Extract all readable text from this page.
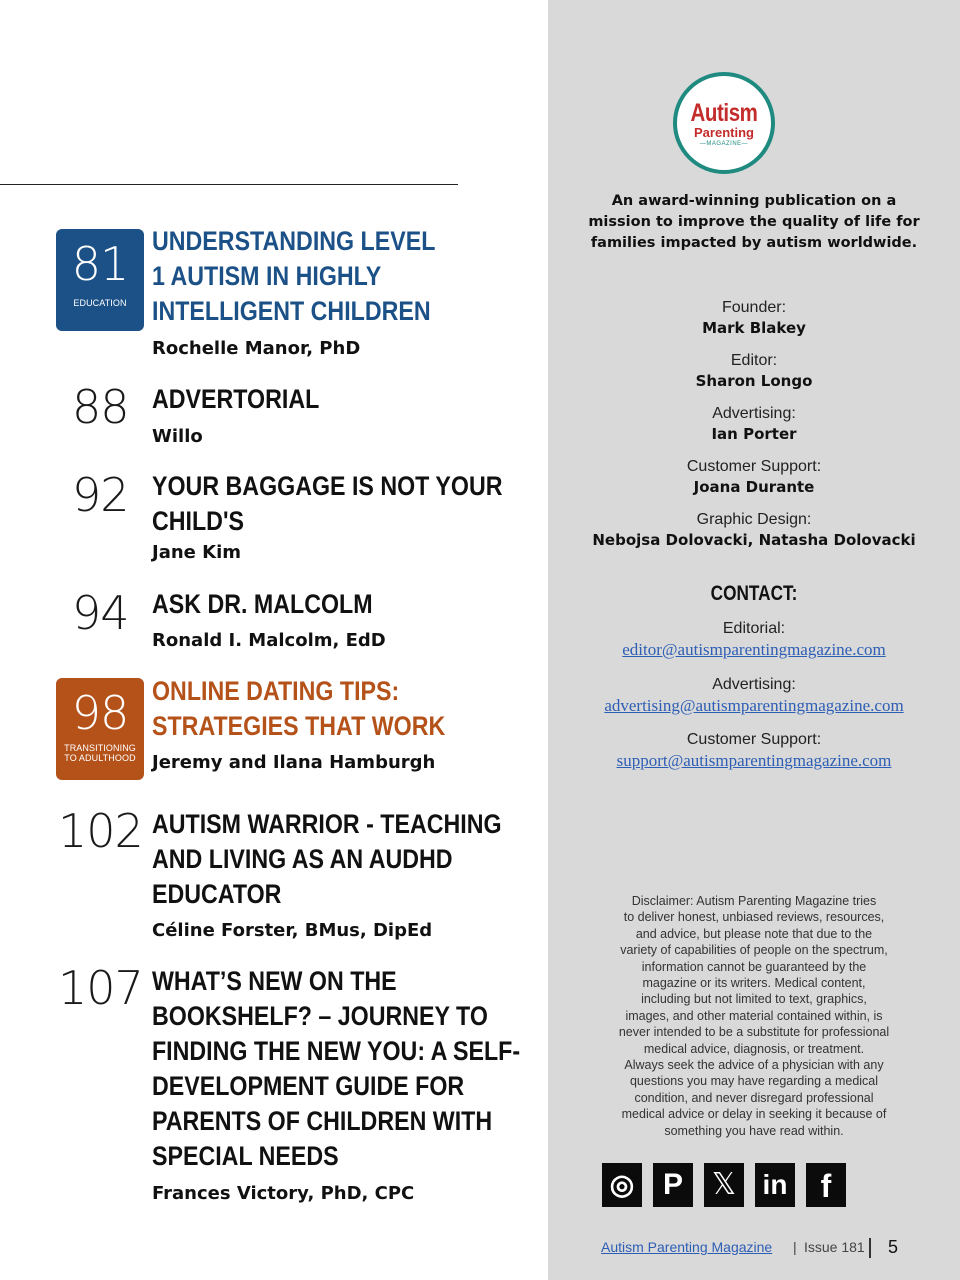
81
EDUCATION
UNDERSTANDING LEVEL
1 AUTISM IN HIGHLY
INTELLIGENT CHILDREN
Rochelle Manor, PhD
88 ADVERTORIAL
Willo
92 YOUR BAGGAGE IS NOT YOUR
CHILD'S
Jane Kim
94 ASK DR. MALCOLM
Ronald I. Malcolm, EdD
98
TRANSITIONING
TO ADULTHOOD
ONLINE DATING TIPS:
STRATEGIES THAT WORK
Jeremy and Ilana Hamburgh
102 AUTISM WARRIOR - TEACHING
AND LIVING AS AN AUDHD
EDUCATOR
Céline Forster, BMus, DipEd
107 WHAT’S NEW ON THE
BOOKSHELF? – JOURNEY TO
FINDING THE NEW YOU: A SELF-
DEVELOPMENT GUIDE FOR
PARENTS OF CHILDREN WITH
SPECIAL NEEDS
Frances Victory, PhD, CPC
Autism
Parenting
—MAGAZINE—
An award-winning publication on a
mission to improve the quality of life for
families impacted by autism worldwide.
Founder:
Mark Blakey
Editor:
Sharon Longo
Advertising:
Ian Porter
Customer Support:
Joana Durante
Graphic Design:
Nebojsa Dolovacki, Natasha Dolovacki
CONTACT:
Editorial:
editor@autismparentingmagazine.com
Advertising:
advertising@autismparentingmagazine.com
Customer Support:
support@autismparentingmagazine.com
Disclaimer: Autism Parenting Magazine tries
to deliver honest, unbiased reviews, resources,
and advice, but please note that due to the
variety of capabilities of people on the spectrum,
information cannot be guaranteed by the
magazine or its writers. Medical content,
including but not limited to text, graphics,
images, and other material contained within, is
never intended to be a substitute for professional
medical advice, diagnosis, or treatment.
Always seek the advice of a physician with any
questions you may have regarding a medical
condition, and never disregard professional
medical advice or delay in seeking it because of
something you have read within.
◎ P 𝕏 in	f
Autism Parenting Magazine | Issue 181 5
